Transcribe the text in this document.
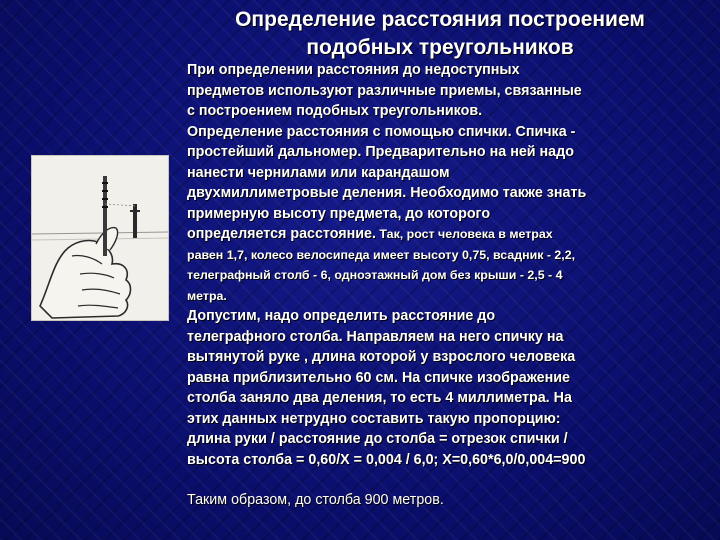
Определение расстояния построением
подобных треугольников
При определении расстояния до недоступных
предметов используют различные приемы, связанные
с построением подобных треугольников.
Определение расстояния с помощью спички. Спичка -
простейший дальномер. Предварительно на ней надо
нанести чернилами или карандашом
двухмиллиметровые деления. Необходимо также знать
примерную высоту предмета, до которого
определяется расстояние. Так, рост человека в метрах
равен 1,7, колесо велосипеда имеет высоту 0,75, всадник - 2,2,
телеграфный столб - 6, одноэтажный дом без крыши - 2,5 - 4
метра.
Допустим, надо определить расстояние до
телеграфного столба. Направляем на него спичку на
вытянутой руке , длина которой у взрослого человека
равна приблизительно 60 см. На спичке изображение
столба заняло два деления, то есть 4 миллиметра. На
этих данных нетрудно составить такую пропорцию:
длина руки / расстояние до столба = отрезок спички /
высота столба = 0,60/Х = 0,004 / 6,0; Х=0,60*6,0/0,004=900
Таким образом, до столба 900 метров.
